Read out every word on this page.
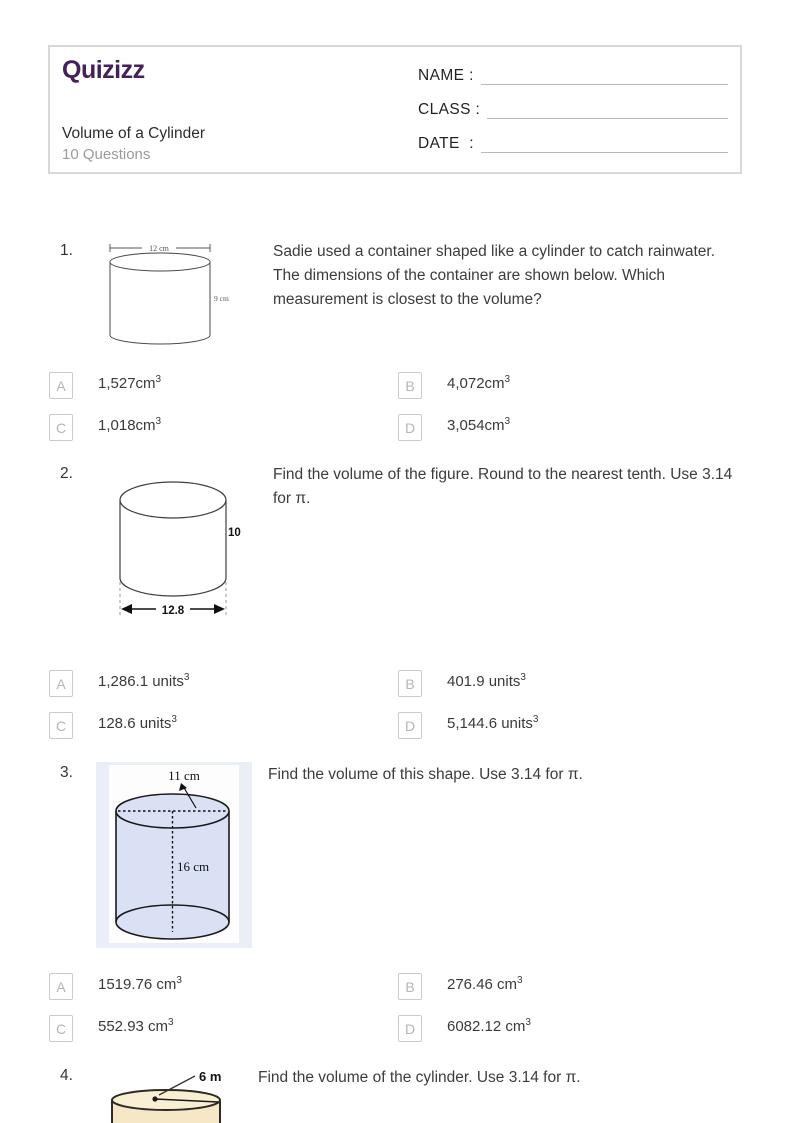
Quizizz
Volume of a Cylinder
10 Questions
NAME :
CLASS :
DATE  :
1.	12 cm
9 cm
Sadie used a container shaped like a cylinder to catch rainwater. The dimensions of the container are shown below. Which measurement is closest to the volume?
A	$1,527cm^3$	B	$4,072cm^3$
C	$1,018cm^3$	D	$3,054cm^3$
2.
10
12.8
Find the volume of the figure. Round to the nearest tenth. Use 3.14 for π.
A	1,286.1 units$^3$	B	401.9 units$^3$
C	128.6 units$^3$	D	5,144.6 units$^3$
3.	11 cm
16 cm
Find the volume of this shape. Use 3.14 for π.
A	1519.76 $cm^3$	B	276.46 $cm^3$
C	552.93 $cm^3$	D	6082.12 $cm^3$
4.	6 m Find the volume of the cylinder. Use 3.14 for π.
